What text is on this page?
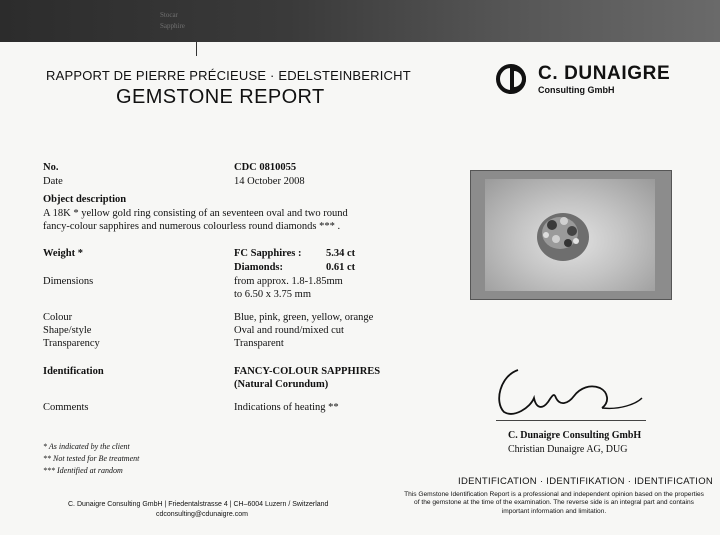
Stocar
Sapphire
RAPPORT DE PIERRE PRÉCIEUSE · EDELSTEINBERICHT
GEMSTONE REPORT
C. DUNAIGRE
Consulting GmbH
No.	CDC 0810055
Date	14 October 2008
Object description
A 18K * yellow gold ring consisting of an seventeen oval and two round
fancy-colour sapphires and numerous colourless round diamonds *** .
Weight *	FC Sapphires : 5.34 ct
Diamonds:	0.61 ct
Dimensions	from approx. 1.8-1.85mm
to 6.50 x 3.75 mm
Colour	Blue, pink, green, yellow, orange
Shape/style	Oval and round/mixed cut
Transparency	Transparent
Identification	FANCY-COLOUR SAPPHIRES
(Natural Corundum)
Comments	Indications of heating **
C. Dunaigre Consulting GmbH
Christian Dunaigre AG, DUG
* As indicated by the client
** Not tested for Be treatment
*** Identified at random
IDENTIFICATION · IDENTIFIKATION · IDENTIFICATION
This Gemstone Identification Report is a professional and independent opinion based on the properties of the gemstone at the time of the examination. The reverse side is an integral part and contains important information and limitation.
C. Dunaigre Consulting GmbH | Friedentalstrasse 4 | CH–6004 Luzern / Switzerland
cdconsulting@cdunaigre.com
